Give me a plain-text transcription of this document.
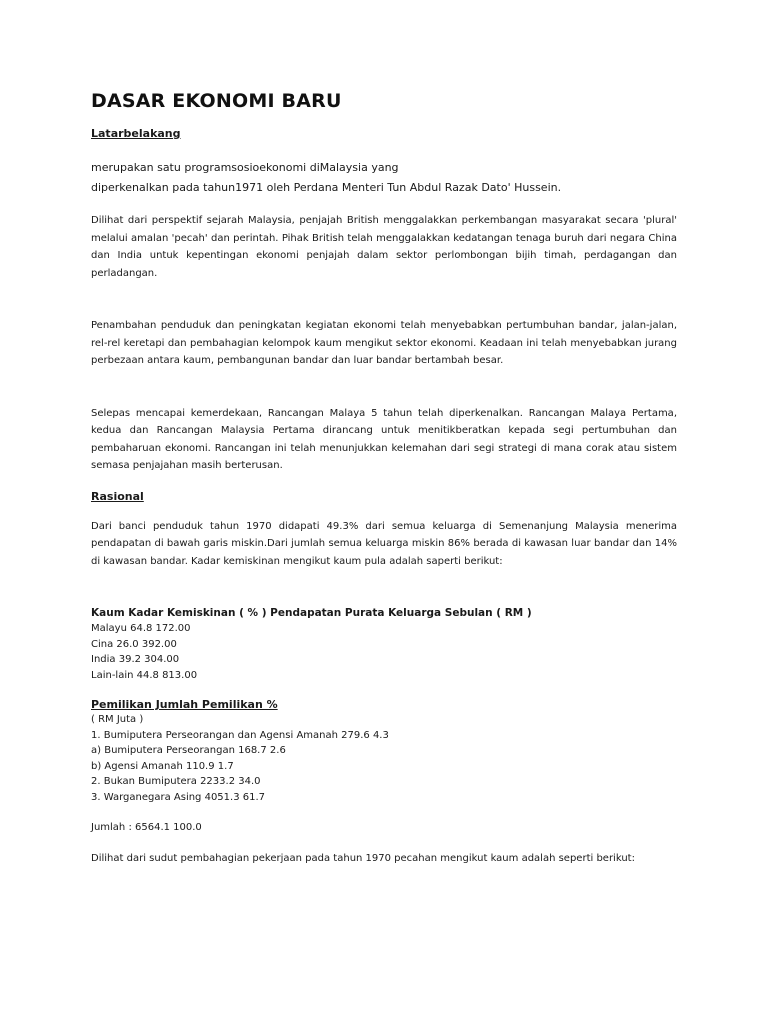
DASAR EKONOMI BARU

Latarbelakang

merupakan satu programsosioekonomi diMalaysia yang

diperkenalkan pada tahun1971 oleh Perdana Menteri Tun Abdul Razak Dato' Hussein.

Dilihat dari perspektif sejarah Malaysia, penjajah British menggalakkan perkembangan masyarakat secara 'plural' melalui amalan 'pecah' dan perintah. Pihak British telah menggalakkan kedatangan tenaga buruh dari negara China dan India untuk kepentingan ekonomi penjajah dalam sektor perlombongan bijih timah, perdagangan dan perladangan.

Penambahan penduduk dan peningkatan kegiatan ekonomi telah menyebabkan pertumbuhan bandar, jalan-jalan, rel-rel keretapi dan pembahagian kelompok kaum mengikut sektor ekonomi. Keadaan ini telah menyebabkan jurang perbezaan antara kaum, pembangunan bandar dan luar bandar bertambah besar.

Selepas mencapai kemerdekaan, Rancangan Malaya 5 tahun telah diperkenalkan. Rancangan Malaya Pertama, kedua dan Rancangan Malaysia Pertama dirancang untuk menitikberatkan kepada segi pertumbuhan dan pembaharuan ekonomi. Rancangan ini telah menunjukkan kelemahan dari segi strategi di mana corak atau sistem semasa penjajahan masih berterusan.

Rasional

Dari banci penduduk tahun 1970 didapati 49.3% dari semua keluarga di Semenanjung Malaysia menerima pendapatan di bawah garis miskin.Dari jumlah semua keluarga miskin 86% berada di kawasan luar bandar dan 14% di kawasan bandar. Kadar kemiskinan mengikut kaum pula adalah saperti berikut:

Kaum Kadar Kemiskinan ( % ) Pendapatan Purata Keluarga Sebulan ( RM )

Malayu 64.8 172.00
Cina 26.0 392.00
India 39.2 304.00
Lain-lain 44.8 813.00

Pemilikan Jumlah Pemilikan %

( RM Juta )

1. Bumiputera Perseorangan dan Agensi Amanah 279.6 4.3
a) Bumiputera Perseorangan 168.7 2.6
b) Agensi Amanah 110.9 1.7
2. Bukan Bumiputera 2233.2 34.0
3. Warganegara Asing 4051.3 61.7

Jumlah : 6564.1 100.0

Dilihat dari sudut pembahagian pekerjaan pada tahun 1970 pecahan mengikut kaum adalah seperti berikut:
